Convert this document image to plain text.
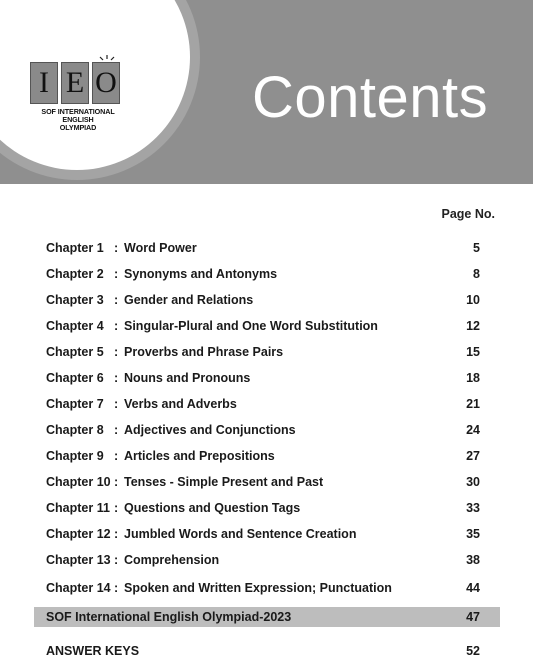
I E O
SOF INTERNATIONAL ENGLISH
OLYMPIAD	Contents
Page No.
Chapter 1 : Word Power	5
Chapter 2 : Synonyms and Antonyms	8
Chapter 3 : Gender and Relations	10
Chapter 4 : Singular-Plural and One Word Substitution	12
Chapter 5 : Proverbs and Phrase Pairs	15
Chapter 6 : Nouns and Pronouns	18
Chapter 7 : Verbs and Adverbs	21
Chapter 8 : Adjectives and Conjunctions	24
Chapter 9 : Articles and Prepositions	27
Chapter 10 : Tenses - Simple Present and Past	30
Chapter 11 : Questions and Question Tags	33
Chapter 12 : Jumbled Words and Sentence Creation	35
Chapter 13 : Comprehension	38
Chapter 14 : Spoken and Written Expression; Punctuation	44
SOF International English Olympiad-2023	47
ANSWER KEYS	52
